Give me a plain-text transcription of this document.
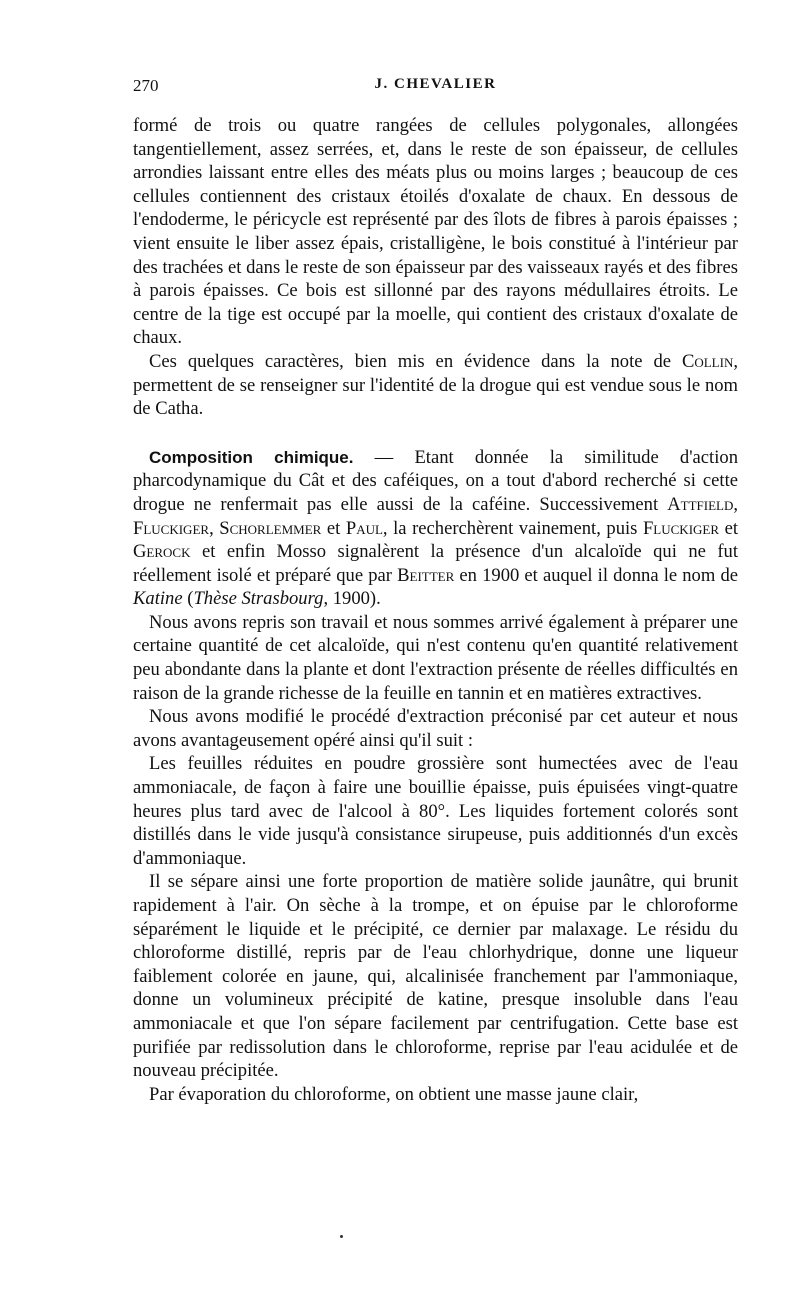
270	J. CHEVALIER

formé de trois ou quatre rangées de cellules polygonales, allongées tangentiellement, assez serrées, et, dans le reste de son épaisseur, de cellules arrondies laissant entre elles des méats plus ou moins larges ; beaucoup de ces cellules contiennent des cristaux étoilés d'oxalate de chaux. En dessous de l'endoderme, le péricycle est représenté par des îlots de fibres à parois épaisses ; vient ensuite le liber assez épais, cristalligène, le bois constitué à l'intérieur par des trachées et dans le reste de son épaisseur par des vaisseaux rayés et des fibres à parois épaisses. Ce bois est sillonné par des rayons médullaires étroits. Le centre de la tige est occupé par la moelle, qui contient des cristaux d'oxalate de chaux.

Ces quelques caractères, bien mis en évidence dans la note de Collin, permettent de se renseigner sur l'identité de la drogue qui est vendue sous le nom de Catha.

Composition chimique. — Etant donnée la similitude d'action pharcodynamique du Cât et des caféiques, on a tout d'abord recherché si cette drogue ne renfermait pas elle aussi de la caféine. Successivement Attfield, Fluckiger, Schorlemmer et Paul, la recherchèrent vainement, puis Fluckiger et Gerock et enfin Mosso signalèrent la présence d'un alcaloïde qui ne fut réellement isolé et préparé que par Beitter en 1900 et auquel il donna le nom de Katine (Thèse Strasbourg, 1900).

Nous avons repris son travail et nous sommes arrivé également à préparer une certaine quantité de cet alcaloïde, qui n'est contenu qu'en quantité relativement peu abondante dans la plante et dont l'extraction présente de réelles difficultés en raison de la grande richesse de la feuille en tannin et en matières extractives.

Nous avons modifié le procédé d'extraction préconisé par cet auteur et nous avons avantageusement opéré ainsi qu'il suit :

Les feuilles réduites en poudre grossière sont humectées avec de l'eau ammoniacale, de façon à faire une bouillie épaisse, puis épuisées vingt-quatre heures plus tard avec de l'alcool à 80°. Les liquides fortement colorés sont distillés dans le vide jusqu'à consistance sirupeuse, puis additionnés d'un excès d'ammoniaque.

Il se sépare ainsi une forte proportion de matière solide jaunâtre, qui brunit rapidement à l'air. On sèche à la trompe, et on épuise par le chloroforme séparément le liquide et le précipité, ce dernier par malaxage. Le résidu du chloroforme distillé, repris par de l'eau chlorhydrique, donne une liqueur faiblement colorée en jaune, qui, alcalinisée franchement par l'ammoniaque, donne un volumineux précipité de katine, presque insoluble dans l'eau ammoniacale et que l'on sépare facilement par centrifugation. Cette base est purifiée par redissolution dans le chloroforme, reprise par l'eau acidulée et de nouveau précipitée.

Par évaporation du chloroforme, on obtient une masse jaune clair,
